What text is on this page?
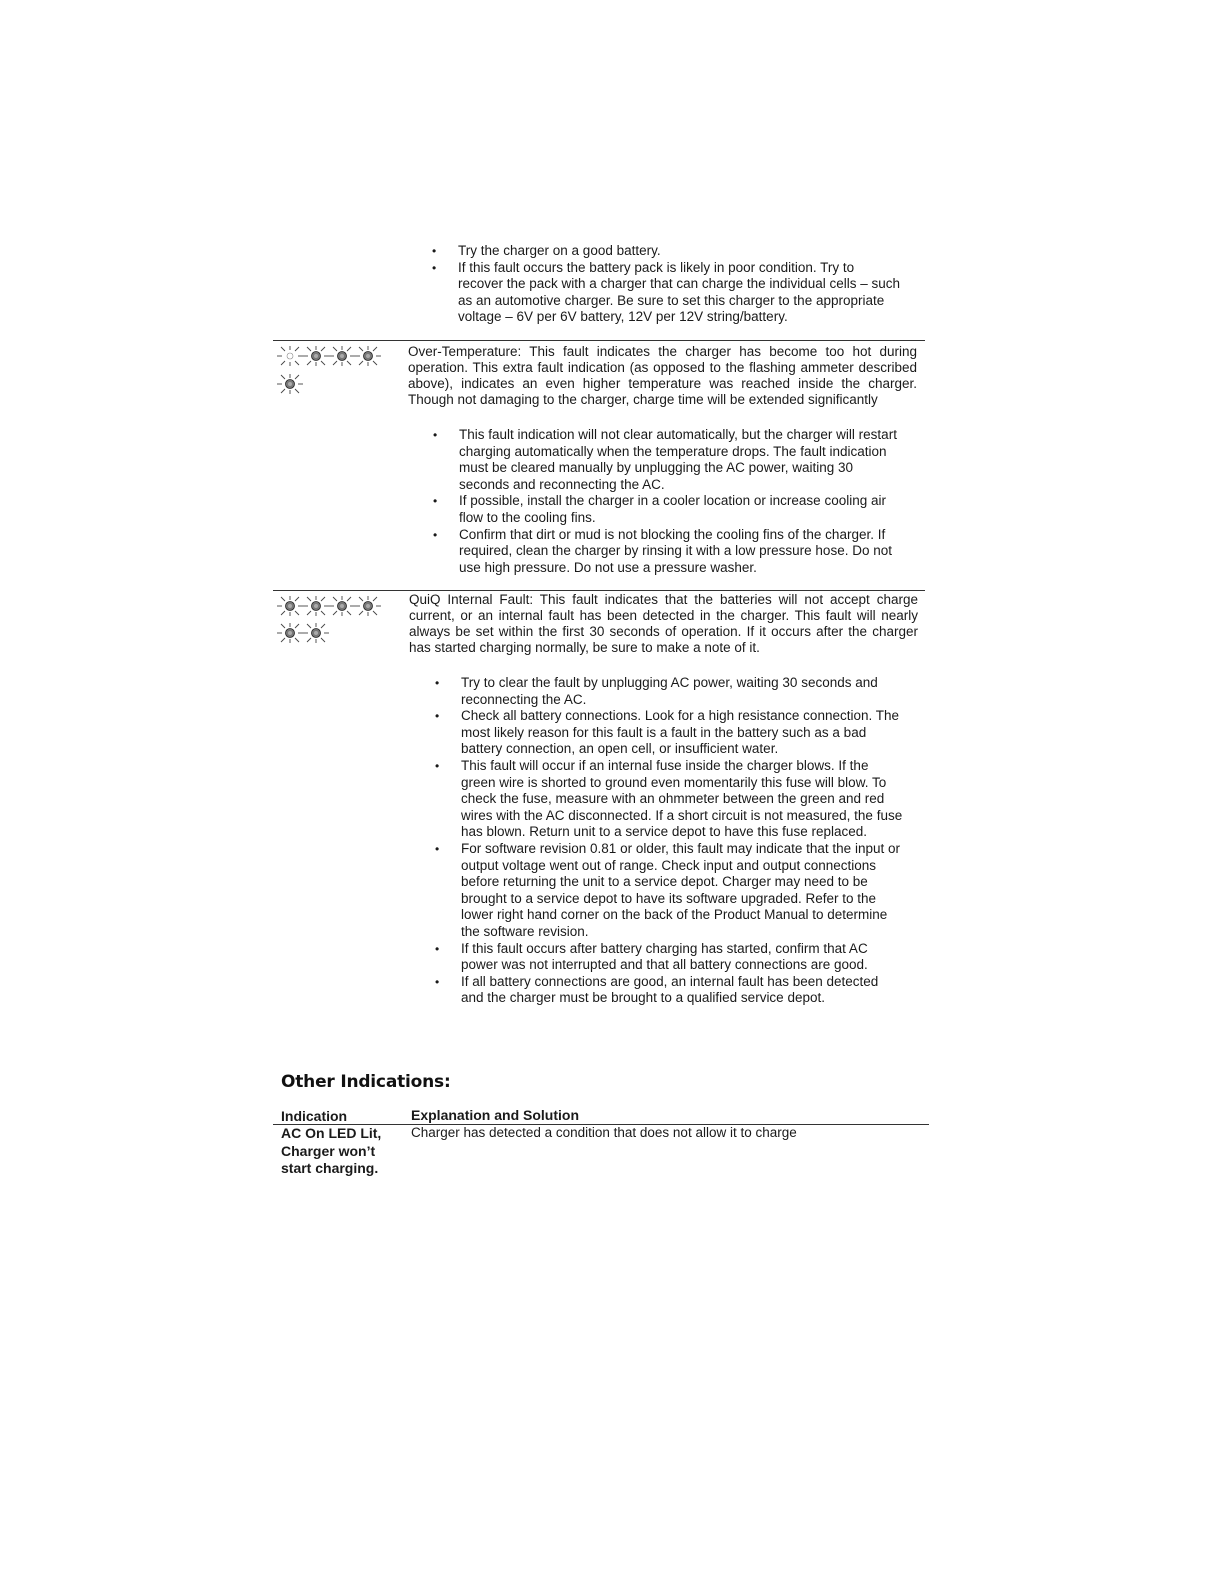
• Try the charger on a good battery.
• If this fault occurs the battery pack is likely in poor condition. Try to recover the pack with a charger that can charge the individual cells – such as an automotive charger. Be sure to set this charger to the appropriate voltage – 6V per 6V battery, 12V per 12V string/battery.
Over-Temperature: This fault indicates the charger has become too hot during operation. This extra fault indication (as opposed to the flashing ammeter described above), indicates an even higher temperature was reached inside the charger. Though not damaging to the charger, charge time will be extended significantly
• This fault indication will not clear automatically, but the charger will restart charging automatically when the temperature drops. The fault indication must be cleared manually by unplugging the AC power, waiting 30 seconds and reconnecting the AC.
• If possible, install the charger in a cooler location or increase cooling air flow to the cooling fins.
• Confirm that dirt or mud is not blocking the cooling fins of the charger. If required, clean the charger by rinsing it with a low pressure hose. Do not use high pressure. Do not use a pressure washer.
QuiQ Internal Fault: This fault indicates that the batteries will not accept charge current, or an internal fault has been detected in the charger. This fault will nearly always be set within the first 30 seconds of operation. If it occurs after the charger has started charging normally, be sure to make a note of it.
• Try to clear the fault by unplugging AC power, waiting 30 seconds and reconnecting the AC.
• Check all battery connections. Look for a high resistance connection. The most likely reason for this fault is a fault in the battery such as a bad battery connection, an open cell, or insufficient water.
• This fault will occur if an internal fuse inside the charger blows. If the green wire is shorted to ground even momentarily this fuse will blow. To check the fuse, measure with an ohmmeter between the green and red wires with the AC disconnected. If a short circuit is not measured, the fuse has blown. Return unit to a service depot to have this fuse replaced.
• For software revision 0.81 or older, this fault may indicate that the input or output voltage went out of range. Check input and output connections before returning the unit to a service depot. Charger may need to be brought to a service depot to have its software upgraded. Refer to the lower right hand corner on the back of the Product Manual to determine the software revision.
• If this fault occurs after battery charging has started, confirm that AC power was not interrupted and that all battery connections are good.
• If all battery connections are good, an internal fault has been detected and the charger must be brought to a qualified service depot.
Other Indications:
Indication	Explanation and Solution
AC On LED Lit,
Charger won’t
start charging.
Charger has detected a condition that does not allow it to charge
